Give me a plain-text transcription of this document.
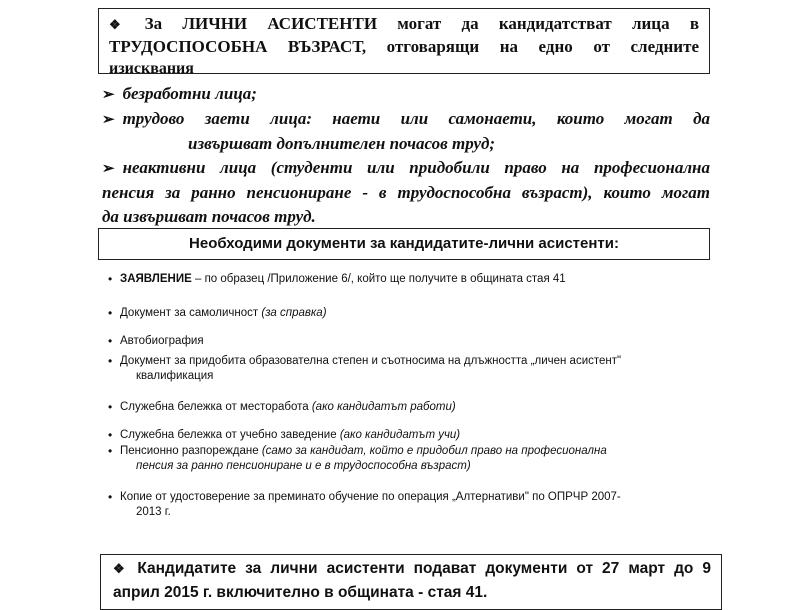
❖ За ЛИЧНИ АСИСТЕНТИ могат да кандидатстват лица в
ТРУДОСПОСОБНА ВЪЗРАСТ, отговарящи на едно от следните
изисквания
➢ безработни лица;
➢ трудово заети лица: наети или самонаети, които могат да
извършват допълнителен почасов труд;
➢ неактивни лица (студенти или придобили право на професионална
пенсия за ранно пенсиониране - в трудоспособна възраст), които могат
да извършват почасов труд.
Необходими документи за кандидатите-лични асистенти:
• ЗАЯВЛЕНИЕ – по образец /Приложение 6/, който ще получите в общината стая 41
• Документ за самоличност (за справка)
• Автобиография
• Документ за придобита образователна степен и съотносима на длъжността „личен асистент"
квалификация
• Служебна бележка от месторабота (ако кандидатът работи)
• Служебна бележка от учебно заведение (ако кандидатът учи)
• Пенсионно разпореждане (само за кандидат, който е придобил право на професионална
пенсия за ранно пенсиониране и е в трудоспособна възраст)
• Копие от удостоверение за преминато обучение по операция „Алтернативи" по ОПРЧР 2007-
2013 г.
❖ Кандидатите за лични асистенти подават документи от 27 март до 9
април 2015 г. включително в общината - стая 41.
